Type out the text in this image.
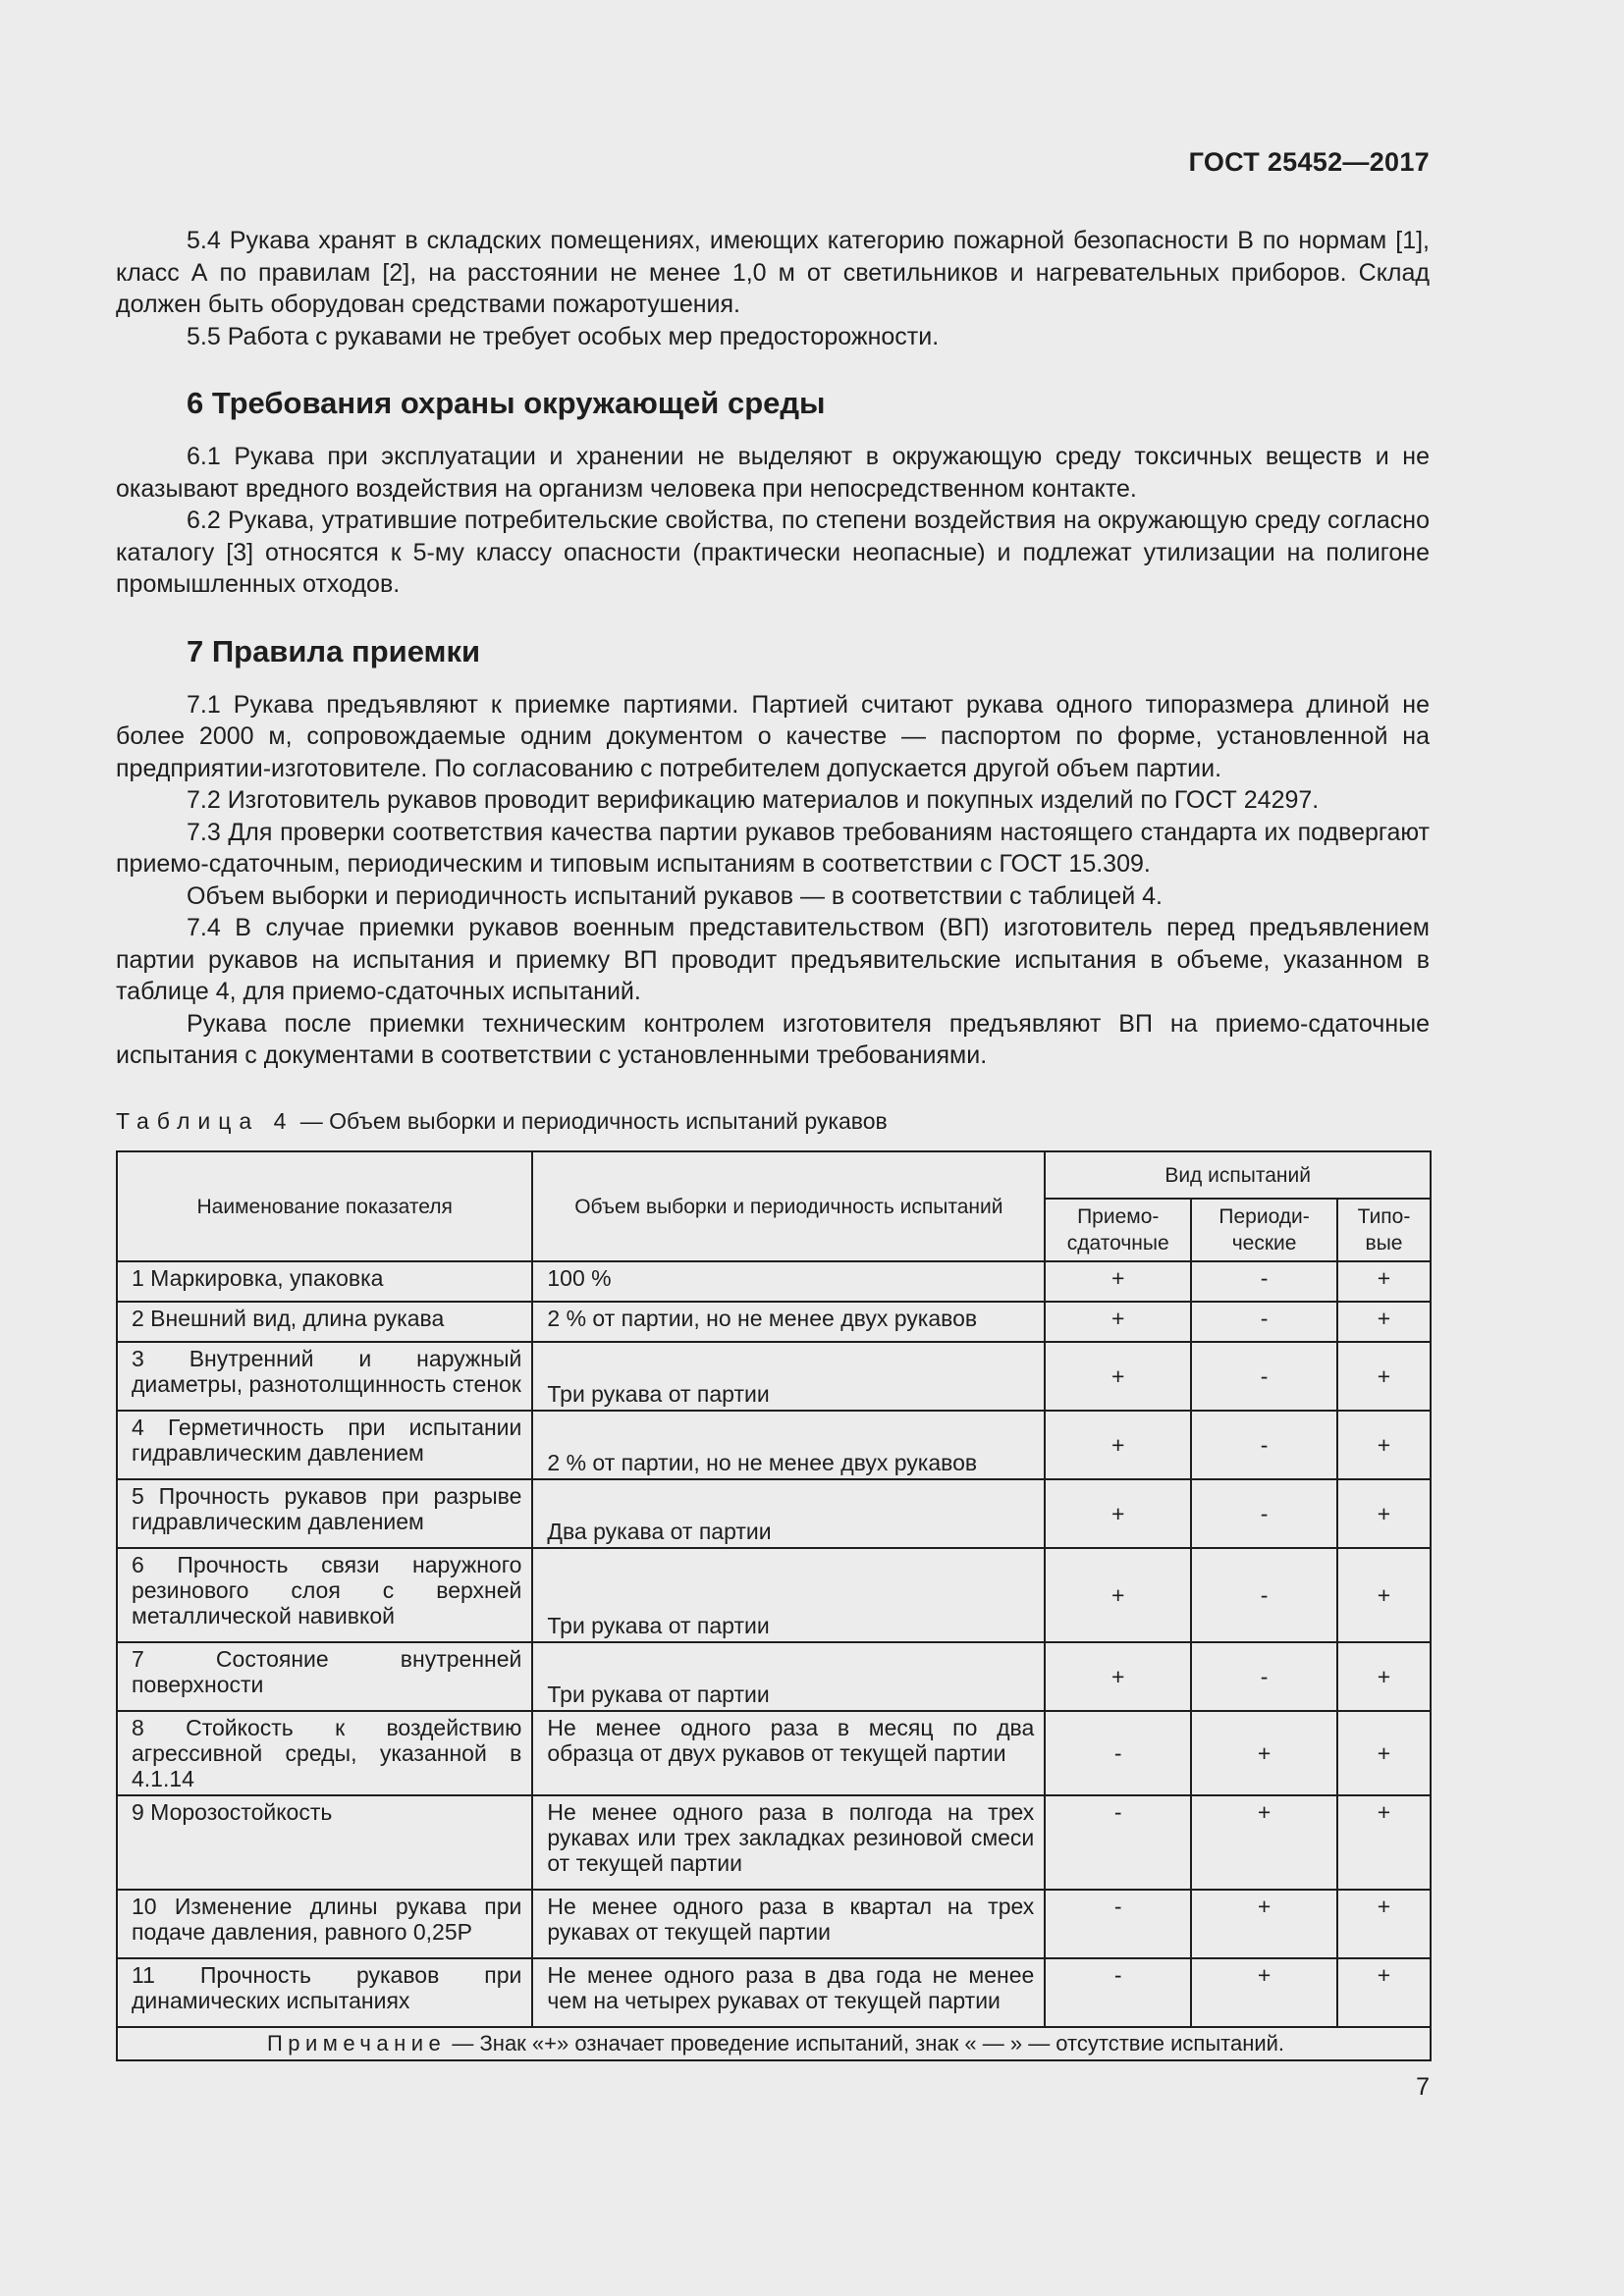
ГОСТ 25452—2017

5.4 Рукава хранят в складских помещениях, имеющих категорию пожарной безопасности В по нормам [1], класс А по правилам [2], на расстоянии не менее 1,0 м от светильников и нагревательных приборов. Склад должен быть оборудован средствами пожаротушения.

5.5 Работа с рукавами не требует особых мер предосторожности.

6 Требования охраны окружающей среды

6.1 Рукава при эксплуатации и хранении не выделяют в окружающую среду токсичных веществ и не оказывают вредного воздействия на организм человека при непосредственном контакте.

6.2 Рукава, утратившие потребительские свойства, по степени воздействия на окружающую среду согласно каталогу [3] относятся к 5-му классу опасности (практически неопасные) и подлежат утилизации на полигоне промышленных отходов.

7 Правила приемки

7.1 Рукава предъявляют к приемке партиями. Партией считают рукава одного типоразмера длиной не более 2000 м, сопровождаемые одним документом о качестве — паспортом по форме, установленной на предприятии-изготовителе. По согласованию с потребителем допускается другой объем партии.

7.2 Изготовитель рукавов проводит верификацию материалов и покупных изделий по ГОСТ 24297.

7.3 Для проверки соответствия качества партии рукавов требованиям настоящего стандарта их подвергают приемо-сдаточным, периодическим и типовым испытаниям в соответствии с ГОСТ 15.309.

Объем выборки и периодичность испытаний рукавов — в соответствии с таблицей 4.

7.4 В случае приемки рукавов военным представительством (ВП) изготовитель перед предъявлением партии рукавов на испытания и приемку ВП проводит предъявительские испытания в объеме, указанном в таблице 4, для приемо-сдаточных испытаний.

Рукава после приемки техническим контролем изготовителя предъявляют ВП на приемо-сдаточные испытания с документами в соответствии с установленными требованиями.

Таблица 4 — Объем выборки и периодичность испытаний рукавов
Наименование показателя	Объем выборки и периодичность испытаний	Вид испытаний		
		Приемо-сдаточные	Периоди-ческие	Типо-вые
1 Маркировка, упаковка	100 %	+	-	+
2 Внешний вид, длина рукава	2 % от партии, но не менее двух рукавов	+	-	+
3 Внутренний и наружный диаметры, разнотолщинность стенок	Три рукава от партии	+	-	+
4 Герметичность при испытании гидравлическим давлением	2 % от партии, но не менее двух рукавов	+	-	+
5 Прочность рукавов при разрыве гидравлическим давлением	Два рукава от партии	+	-	+
6 Прочность связи наружного резинового слоя с верхней металлической навивкой	Три рукава от партии	+	-	+
7 Состояние внутренней поверхности	Три рукава от партии	+	-	+
8 Стойкость к воздействию агрессивной среды, указанной в 4.1.14	Не менее одного раза в месяц по два образца от двух рукавов от текущей партии	-	+	+
9 Морозостойкость	Не менее одного раза в полгода на трех рукавах или трех закладках резиновой смеси от текущей партии	-	+	+
10 Изменение длины рукава при подаче давления, равного 0,25P	Не менее одного раза в квартал на трех рукавах от текущей партии	-	+	+
11 Прочность рукавов при динамических испытаниях	Не менее одного раза в два года не менее чем на четырех рукавах от текущей партии	-	+	+
Примечание — Знак «+» означает проведение испытаний, знак « — » — отсутствие испытаний.				
7
